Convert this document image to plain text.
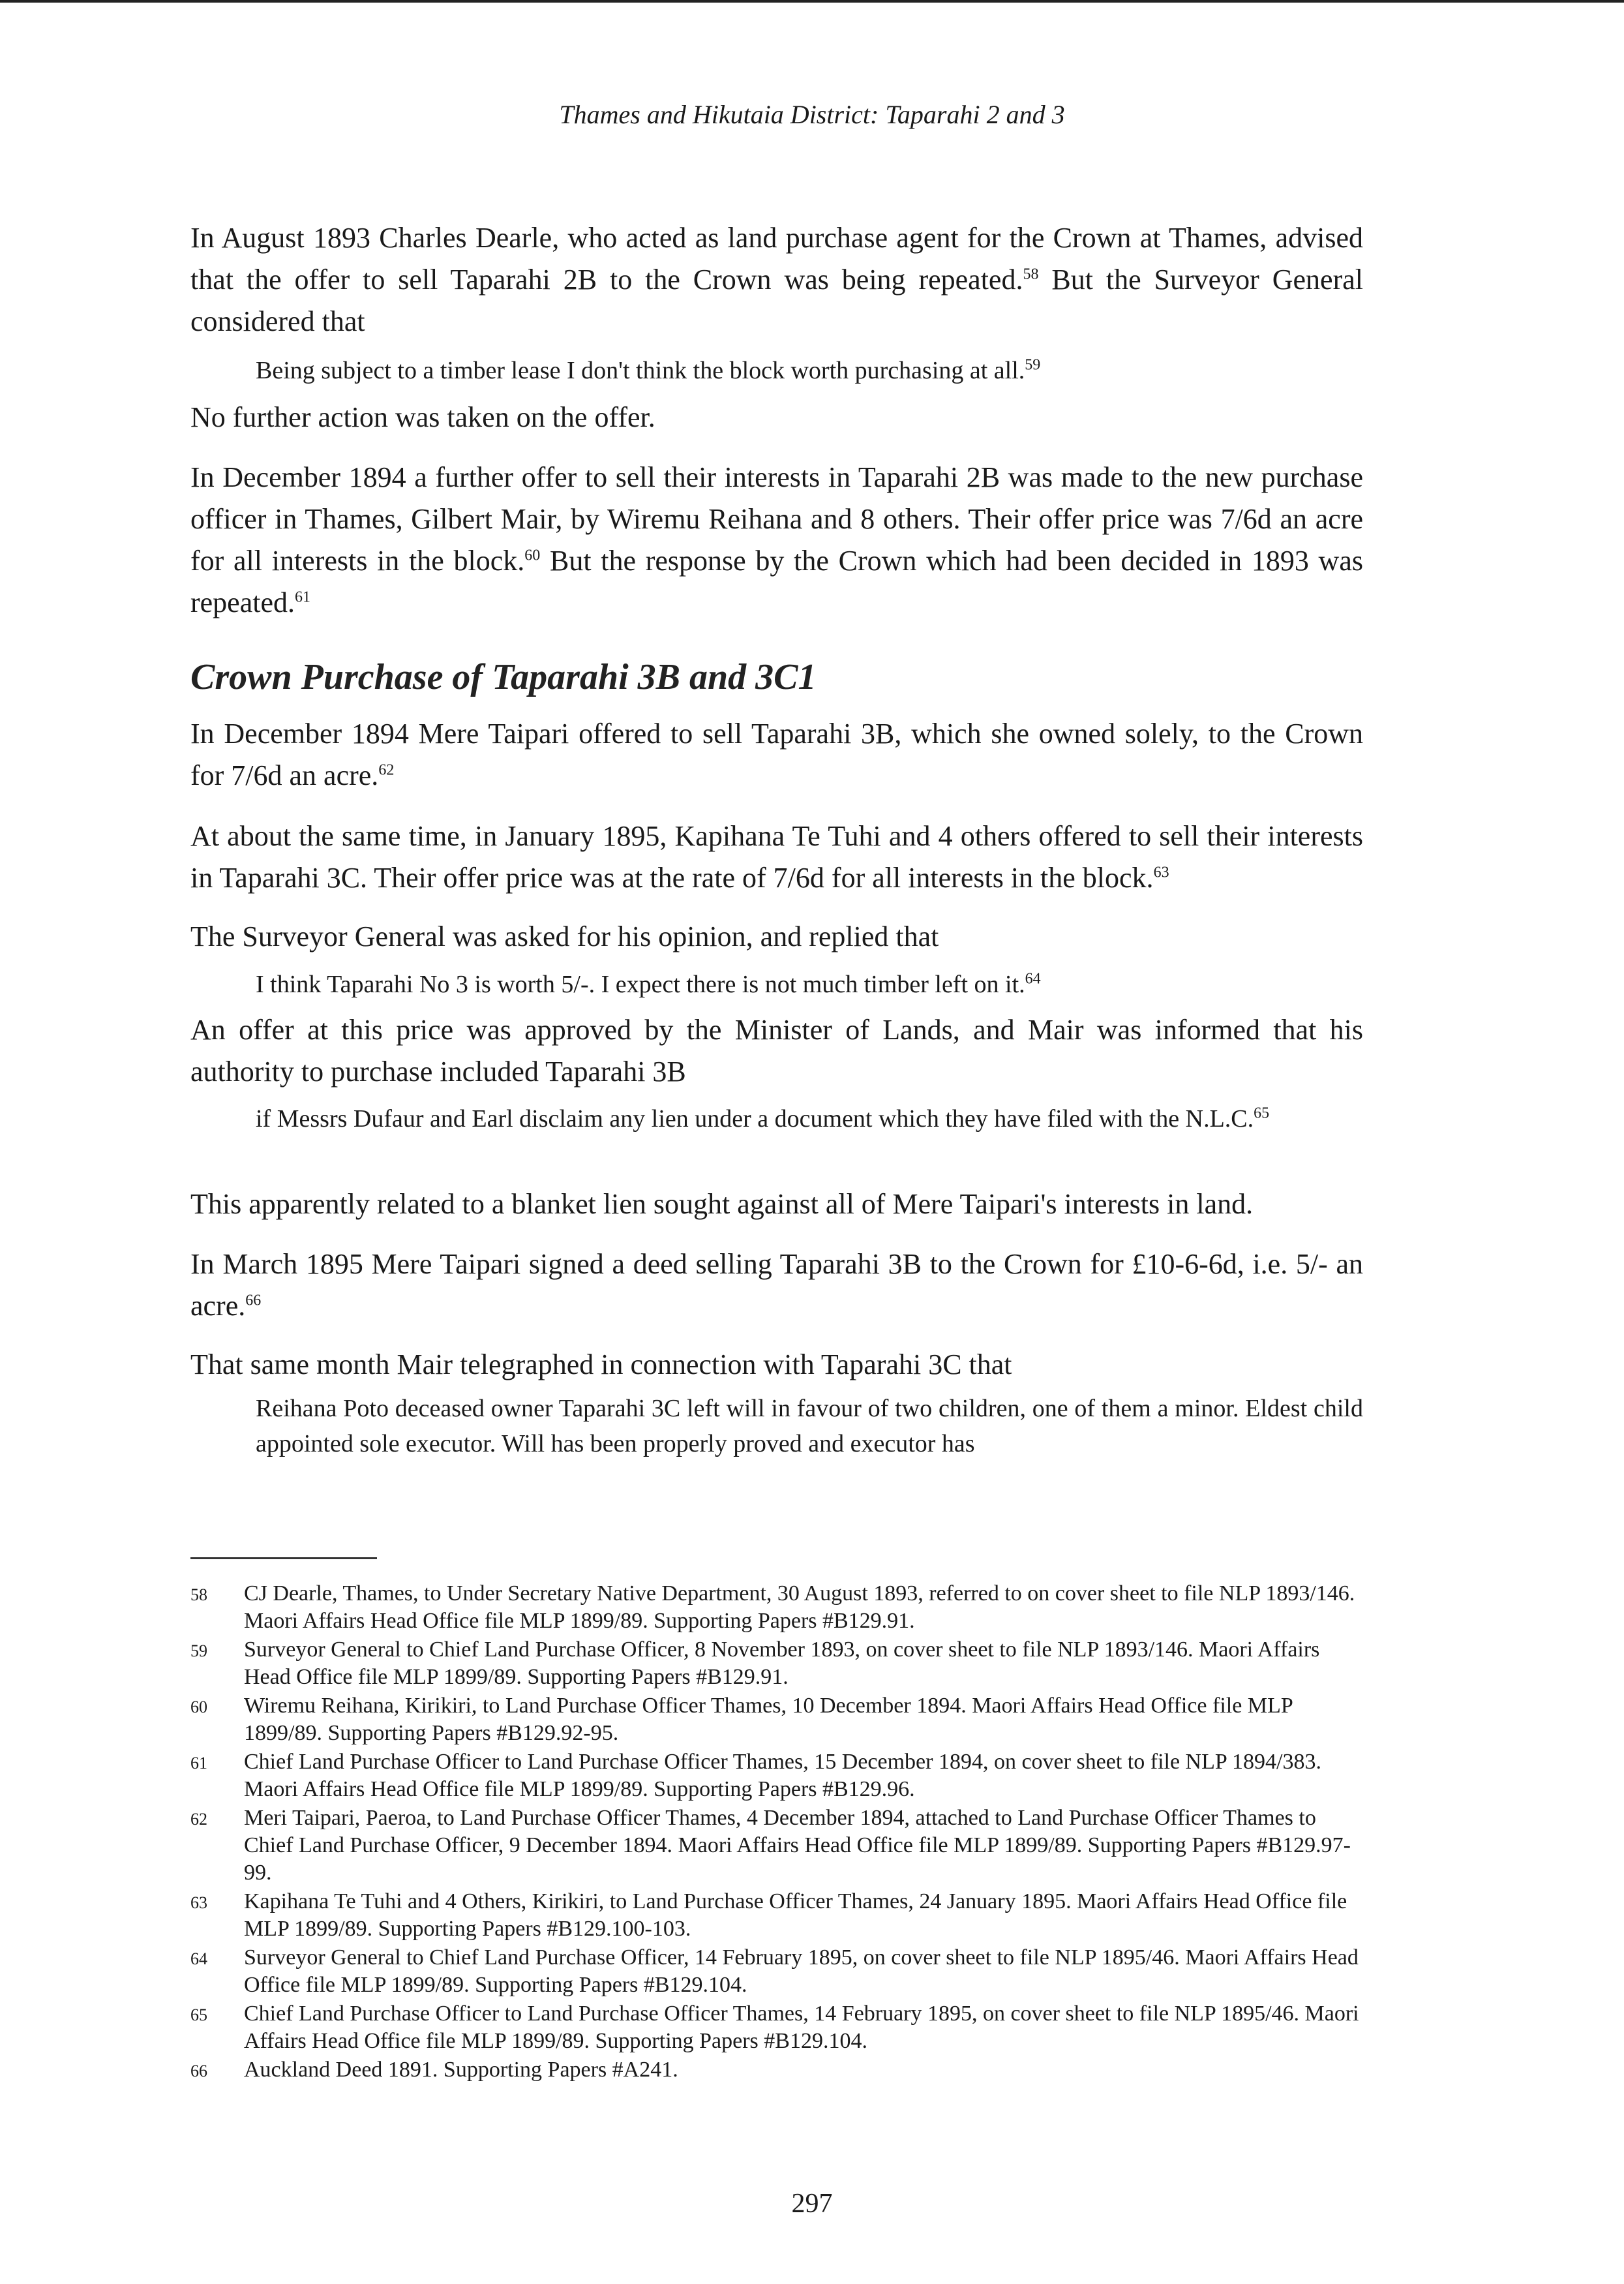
Thames and Hikutaia District: Taparahi 2 and 3

In August 1893 Charles Dearle, who acted as land purchase agent for the Crown at Thames, advised that the offer to sell Taparahi 2B to the Crown was being repeated.$^{58}$ But the Surveyor General considered that

Being subject to a timber lease I don't think the block worth purchasing at all.$^{59}$

No further action was taken on the offer.

In December 1894 a further offer to sell their interests in Taparahi 2B was made to the new purchase officer in Thames, Gilbert Mair, by Wiremu Reihana and 8 others. Their offer price was 7/6d an acre for all interests in the block.$^{60}$ But the response by the Crown which had been decided in 1893 was repeated.$^{61}$

Crown Purchase of Taparahi 3B and 3C1

In December 1894 Mere Taipari offered to sell Taparahi 3B, which she owned solely, to the Crown for 7/6d an acre.$^{62}$

At about the same time, in January 1895, Kapihana Te Tuhi and 4 others offered to sell their interests in Taparahi 3C. Their offer price was at the rate of 7/6d for all interests in the block.$^{63}$

The Surveyor General was asked for his opinion, and replied that

I think Taparahi No 3 is worth 5/-. I expect there is not much timber left on it.$^{64}$

An offer at this price was approved by the Minister of Lands, and Mair was informed that his authority to purchase included Taparahi 3B

if Messrs Dufaur and Earl disclaim any lien under a document which they have filed with the N.L.C.$^{65}$

This apparently related to a blanket lien sought against all of Mere Taipari's interests in land.

In March 1895 Mere Taipari signed a deed selling Taparahi 3B to the Crown for £10-6-6d, i.e. 5/- an acre.$^{66}$

That same month Mair telegraphed in connection with Taparahi 3C that

Reihana Poto deceased owner Taparahi 3C left will in favour of two children, one of them a minor. Eldest child appointed sole executor. Will has been properly proved and executor has

58	CJ Dearle, Thames, to Under Secretary Native Department, 30 August 1893, referred to on cover sheet to file NLP 1893/146. Maori Affairs Head Office file MLP 1899/89. Supporting Papers #B129.91.
59	Surveyor General to Chief Land Purchase Officer, 8 November 1893, on cover sheet to file NLP 1893/146. Maori Affairs Head Office file MLP 1899/89. Supporting Papers #B129.91.
60	Wiremu Reihana, Kirikiri, to Land Purchase Officer Thames, 10 December 1894. Maori Affairs Head Office file MLP 1899/89. Supporting Papers #B129.92-95.
61	Chief Land Purchase Officer to Land Purchase Officer Thames, 15 December 1894, on cover sheet to file NLP 1894/383. Maori Affairs Head Office file MLP 1899/89. Supporting Papers #B129.96.
62	Meri Taipari, Paeroa, to Land Purchase Officer Thames, 4 December 1894, attached to Land Purchase Officer Thames to Chief Land Purchase Officer, 9 December 1894. Maori Affairs Head Office file MLP 1899/89. Supporting Papers #B129.97-99.
63	Kapihana Te Tuhi and 4 Others, Kirikiri, to Land Purchase Officer Thames, 24 January 1895. Maori Affairs Head Office file MLP 1899/89. Supporting Papers #B129.100-103.
64	Surveyor General to Chief Land Purchase Officer, 14 February 1895, on cover sheet to file NLP 1895/46. Maori Affairs Head Office file MLP 1899/89. Supporting Papers #B129.104.
65	Chief Land Purchase Officer to Land Purchase Officer Thames, 14 February 1895, on cover sheet to file NLP 1895/46. Maori Affairs Head Office file MLP 1899/89. Supporting Papers #B129.104.
66	Auckland Deed 1891. Supporting Papers #A241.
297
